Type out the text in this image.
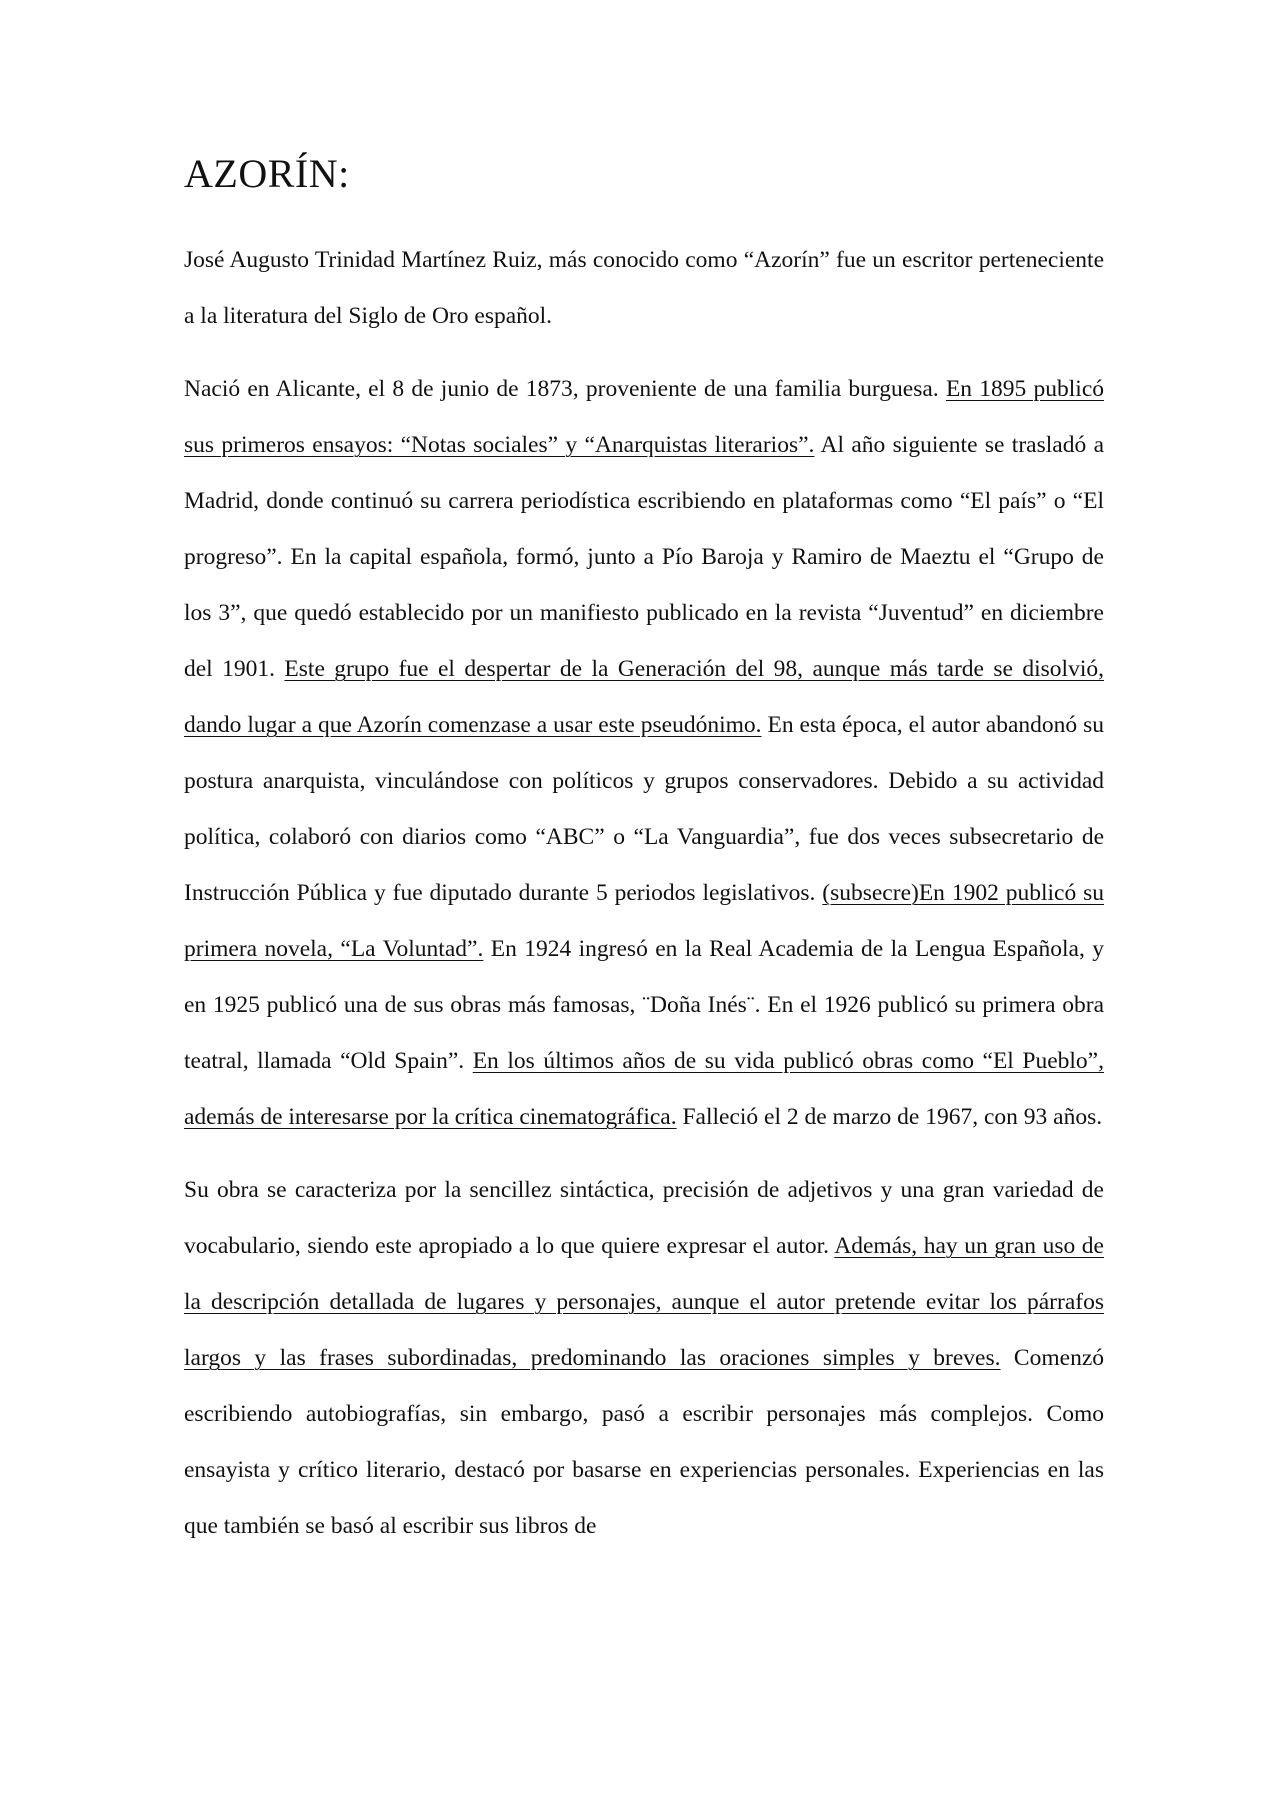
AZORÍN:

José Augusto Trinidad Martínez Ruiz, más conocido como “Azorín” fue un escritor perteneciente a la literatura del Siglo de Oro español.

Nació en Alicante, el 8 de junio de 1873, proveniente de una familia burguesa. En 1895 publicó sus primeros ensayos: “Notas sociales” y “Anarquistas literarios”. Al año siguiente se trasladó a Madrid, donde continuó su carrera periodística escribiendo en plataformas como “El país” o “El progreso”. En la capital española, formó, junto a Pío Baroja y Ramiro de Maeztu el “Grupo de los 3”, que quedó establecido por un manifiesto publicado en la revista “Juventud” en diciembre del 1901. Este grupo fue el despertar de la Generación del 98, aunque más tarde se disolvió, dando lugar a que Azorín comenzase a usar este pseudónimo. En esta época, el autor abandonó su postura anarquista, vinculándose con políticos y grupos conservadores. Debido a su actividad política, colaboró con diarios como “ABC” o “La Vanguardia”, fue dos veces subsecretario de Instrucción Pública y fue diputado durante 5 periodos legislativos. (subsecre)En 1902 publicó su primera novela, “La Voluntad”. En 1924 ingresó en la Real Academia de la Lengua Española, y en 1925 publicó una de sus obras más famosas, ¨Doña Inés¨. En el 1926 publicó su primera obra teatral, llamada “Old Spain”. En los últimos años de su vida publicó obras como “El Pueblo”, además de interesarse por la crítica cinematográfica. Falleció el 2 de marzo de 1967, con 93 años.

Su obra se caracteriza por la sencillez sintáctica, precisión de adjetivos y una gran variedad de vocabulario, siendo este apropiado a lo que quiere expresar el autor. Además, hay un gran uso de la descripción detallada de lugares y personajes, aunque el autor pretende evitar los párrafos largos y las frases subordinadas, predominando las oraciones simples y breves. Comenzó escribiendo autobiografías, sin embargo, pasó a escribir personajes más complejos. Como ensayista y crítico literario, destacó por basarse en experiencias personales. Experiencias en las que también se basó al escribir sus libros de
